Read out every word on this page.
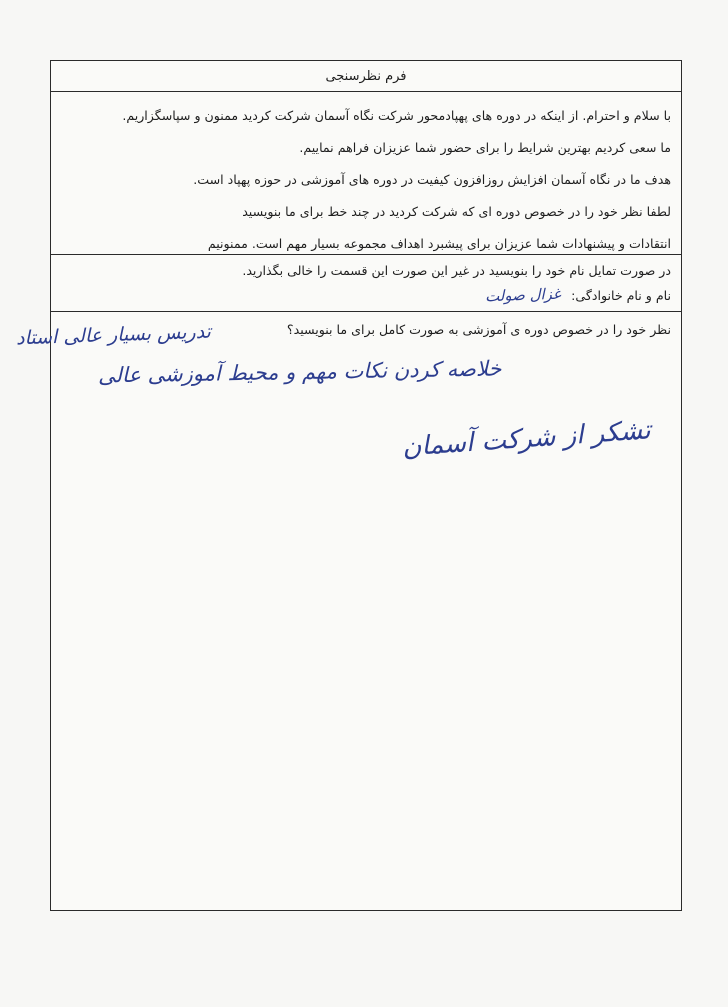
فرم نظرسنجی

با سلام و احترام. از اینکه در دوره های پهپادمحور شرکت نگاه آسمان شرکت کردید ممنون و سپاسگزاریم.

ما سعی کردیم بهترین شرایط را برای حضور شما عزیزان فراهم نماییم.

هدف ما در نگاه آسمان افزایش روزافزون کیفیت در دوره های آموزشی در حوزه پهپاد است.

لطفا نظر خود را در خصوص دوره ای که شرکت کردید در چند خط برای ما بنویسید

انتقادات و پیشنهادات شما عزیزان برای پیشبرد اهداف مجموعه بسیار مهم است. ممنونیم

در صورت تمایل نام خود را بنویسید در غیر این صورت این قسمت را خالی بگذارید.

نام و نام خانوادگی: غزال صولت

نظر خود را در خصوص دوره ی آموزشی به صورت کامل برای ما بنویسید؟

تدریس بسیار عالی استاد
خلاصه کردن نکات مهم و محیط آموزشی عالی
تشکر از شرکت آسمان
